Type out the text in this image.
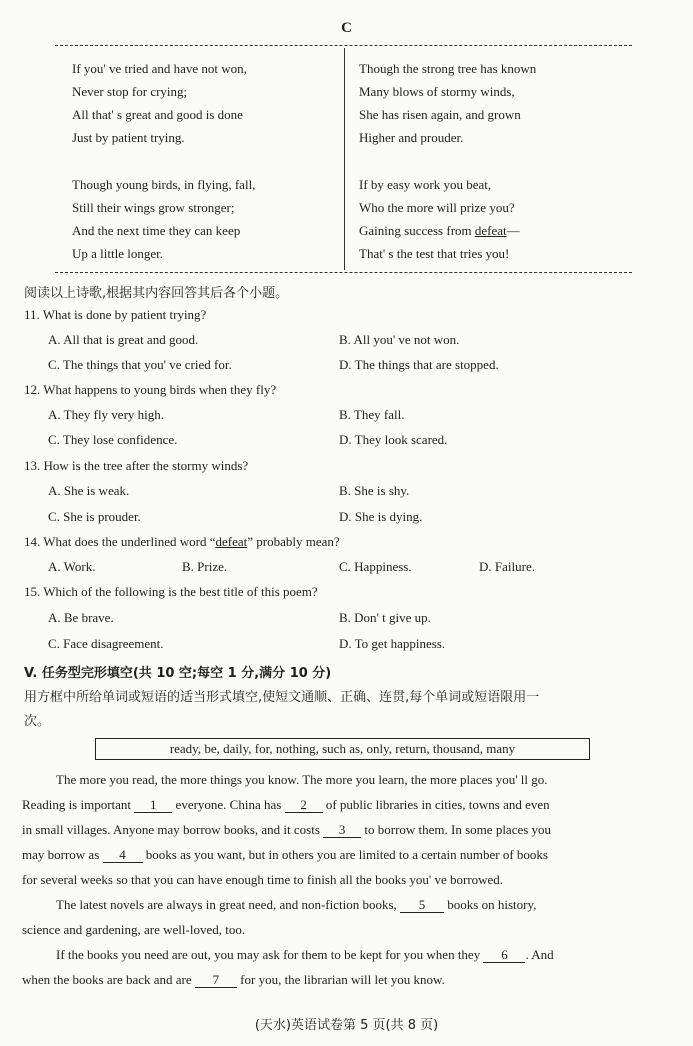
C
If you' ve tried and have not won,
Never stop for crying;
All that' s great and good is done
Just by patient trying.
Though young birds, in flying, fall,
Still their wings grow stronger;
And the next time they can keep
Up a little longer.
Though the strong tree has known
Many blows of stormy winds,
She has risen again, and grown
Higher and prouder.
If by easy work you beat,
Who the more will prize you?
Gaining success from defeat—
That' s the test that tries you!
阅读以上诗歌,根据其内容回答其后各个小题。
11. What is done by patient trying?
A. All that is great and good.	B. All you' ve not won.
C. The things that you' ve cried for.	D. The things that are stopped.
12. What happens to young birds when they fly?
A. They fly very high.	B. They fall.
C. They lose confidence.	D. They look scared.
13. How is the tree after the stormy winds?
A. She is weak.	B. She is shy.
C. She is prouder.	D. She is dying.
14. What does the underlined word “defeat” probably mean?
A. Work.	B. Prize.	C. Happiness.	D. Failure.
15. Which of the following is the best title of this poem?
A. Be brave.	B. Don' t give up.
C. Face disagreement.	D. To get happiness.
V. 任务型完形填空(共 10 空;每空 1 分,满分 10 分)
用方框中所给单词或短语的适当形式填空,使短文通顺、正确、连贯,每个单词或短语限用一
次。
ready, be, daily, for, nothing, such as, only, return, thousand, many
The more you read, the more things you know. The more you learn, the more places you' ll go.
Reading is important 1 everyone. China has 2 of public libraries in cities, towns and even
in small villages. Anyone may borrow books, and it costs 3 to borrow them. In some places you
may borrow as 4 books as you want, but in others you are limited to a certain number of books
for several weeks so that you can have enough time to finish all the books you' ve borrowed.
The latest novels are always in great need, and non-fiction books, 5 books on history,
science and gardening, are well-loved, too.
If the books you need are out, you may ask for them to be kept for you when they 6 . And
when the books are back and are 7 for you, the librarian will let you know.
(天水)英语试卷第 5 页(共 8 页)
